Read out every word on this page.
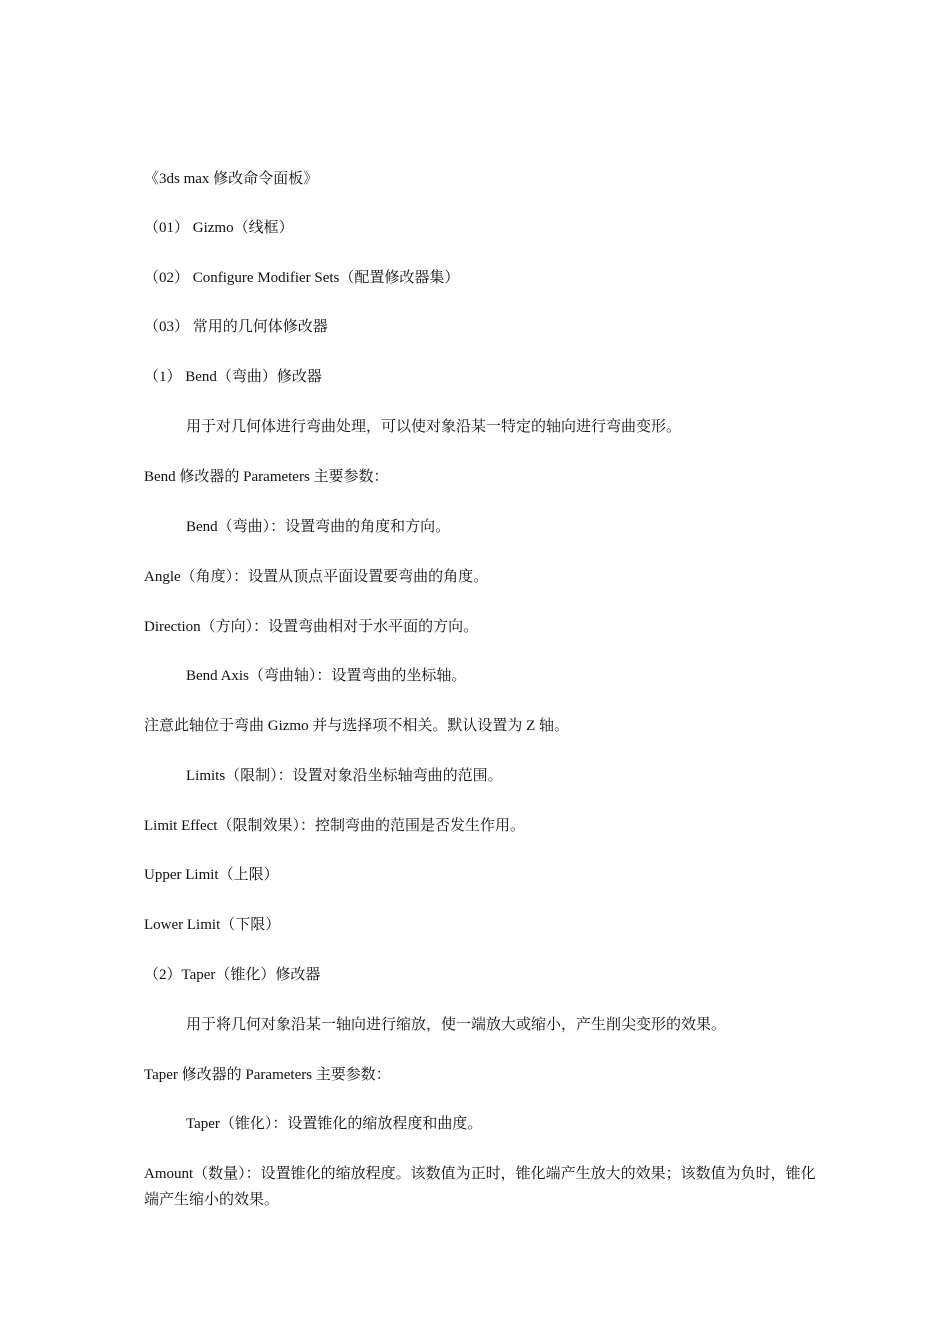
《3ds max 修改命令面板》
（01） Gizmo（线框）
（02） Configure Modifier Sets（配置修改器集）
（03） 常用的几何体修改器
（1） Bend（弯曲）修改器
用于对几何体进行弯曲处理，可以使对象沿某一特定的轴向进行弯曲变形。
Bend 修改器的 Parameters 主要参数：
Bend（弯曲）：设置弯曲的角度和方向。
Angle（角度）：设置从顶点平面设置要弯曲的角度。
Direction（方向）：设置弯曲相对于水平面的方向。
Bend Axis（弯曲轴）：设置弯曲的坐标轴。
注意此轴位于弯曲 Gizmo 并与选择项不相关。默认设置为 Z 轴。
Limits（限制）：设置对象沿坐标轴弯曲的范围。
Limit Effect（限制效果）：控制弯曲的范围是否发生作用。
Upper Limit（上限）
Lower Limit（下限）
（2）Taper（锥化）修改器
用于将几何对象沿某一轴向进行缩放，使一端放大或缩小，产生削尖变形的效果。
Taper 修改器的 Parameters 主要参数：
Taper（锥化）：设置锥化的缩放程度和曲度。
Amount（数量）：设置锥化的缩放程度。该数值为正时，锥化端产生放大的效果；该数值为负时，锥化端产生缩小的效果。
